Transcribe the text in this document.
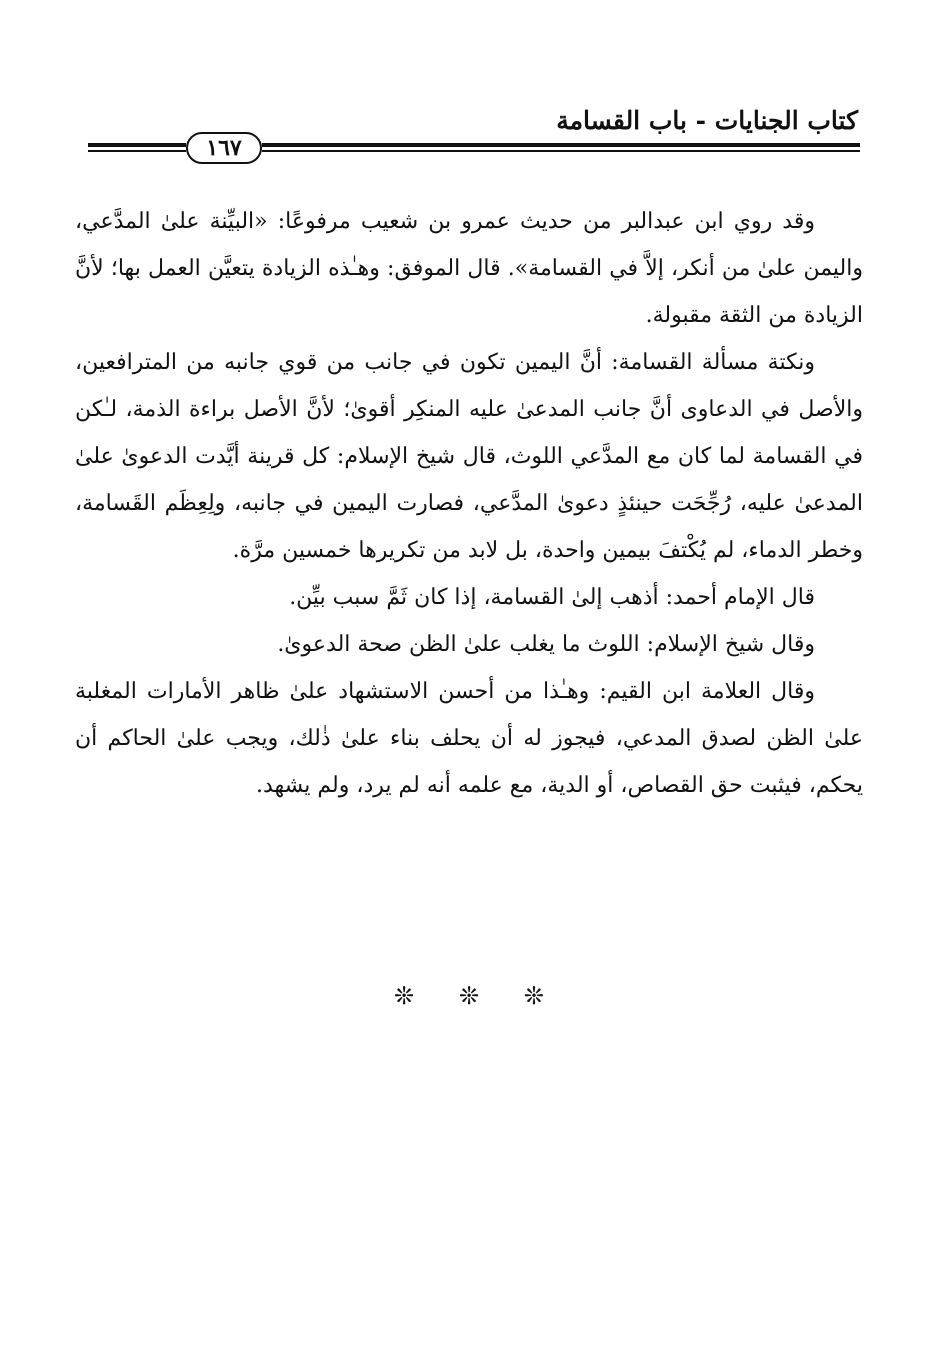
كتاب الجنايات - باب القسامة
١٦٧

وقد روي ابن عبدالبر من حديث عمرو بن شعيب مرفوعًا: «البيِّنة علىٰ المدَّعي، واليمن علىٰ من أنكر، إلاَّ في القسامة». قال الموفق: وهـٰذه الزيادة يتعيَّن العمل بها؛ لأنَّ الزيادة من الثقة مقبولة.

ونكتة مسألة القسامة: أنَّ اليمين تكون في جانب من قوي جانبه من المترافعين، والأصل في الدعاوى أنَّ جانب المدعىٰ عليه المنكِر أقوىٰ؛ لأنَّ الأصل براءة الذمة، لـٰكن في القسامة لما كان مع المدَّعي اللوث، قال شيخ الإسلام: كل قرينة أيَّدت الدعوىٰ علىٰ المدعىٰ عليه، رُجِّحَت حينئذٍ دعوىٰ المدَّعي، فصارت اليمين في جانبه، ولِعِظَم القَسامة، وخطر الدماء، لم يُكْتفَ بيمين واحدة، بل لابد من تكريرها خمسين مرَّة.

قال الإمام أحمد: أذهب إلىٰ القسامة، إذا كان ثَمَّ سبب بيِّن.

وقال شيخ الإسلام: اللوث ما يغلب علىٰ الظن صحة الدعوىٰ.

وقال العلامة ابن القيم: وهـٰذا من أحسن الاستشهاد علىٰ ظاهر الأمارات المغلبة علىٰ الظن لصدق المدعي، فيجوز له أن يحلف بناء علىٰ ذٰلك، ويجب علىٰ الحاكم أن يحكم، فيثبت حق القصاص، أو الدية، مع علمه أنه لم يرد، ولم يشهد.

❊ ❊ ❊
